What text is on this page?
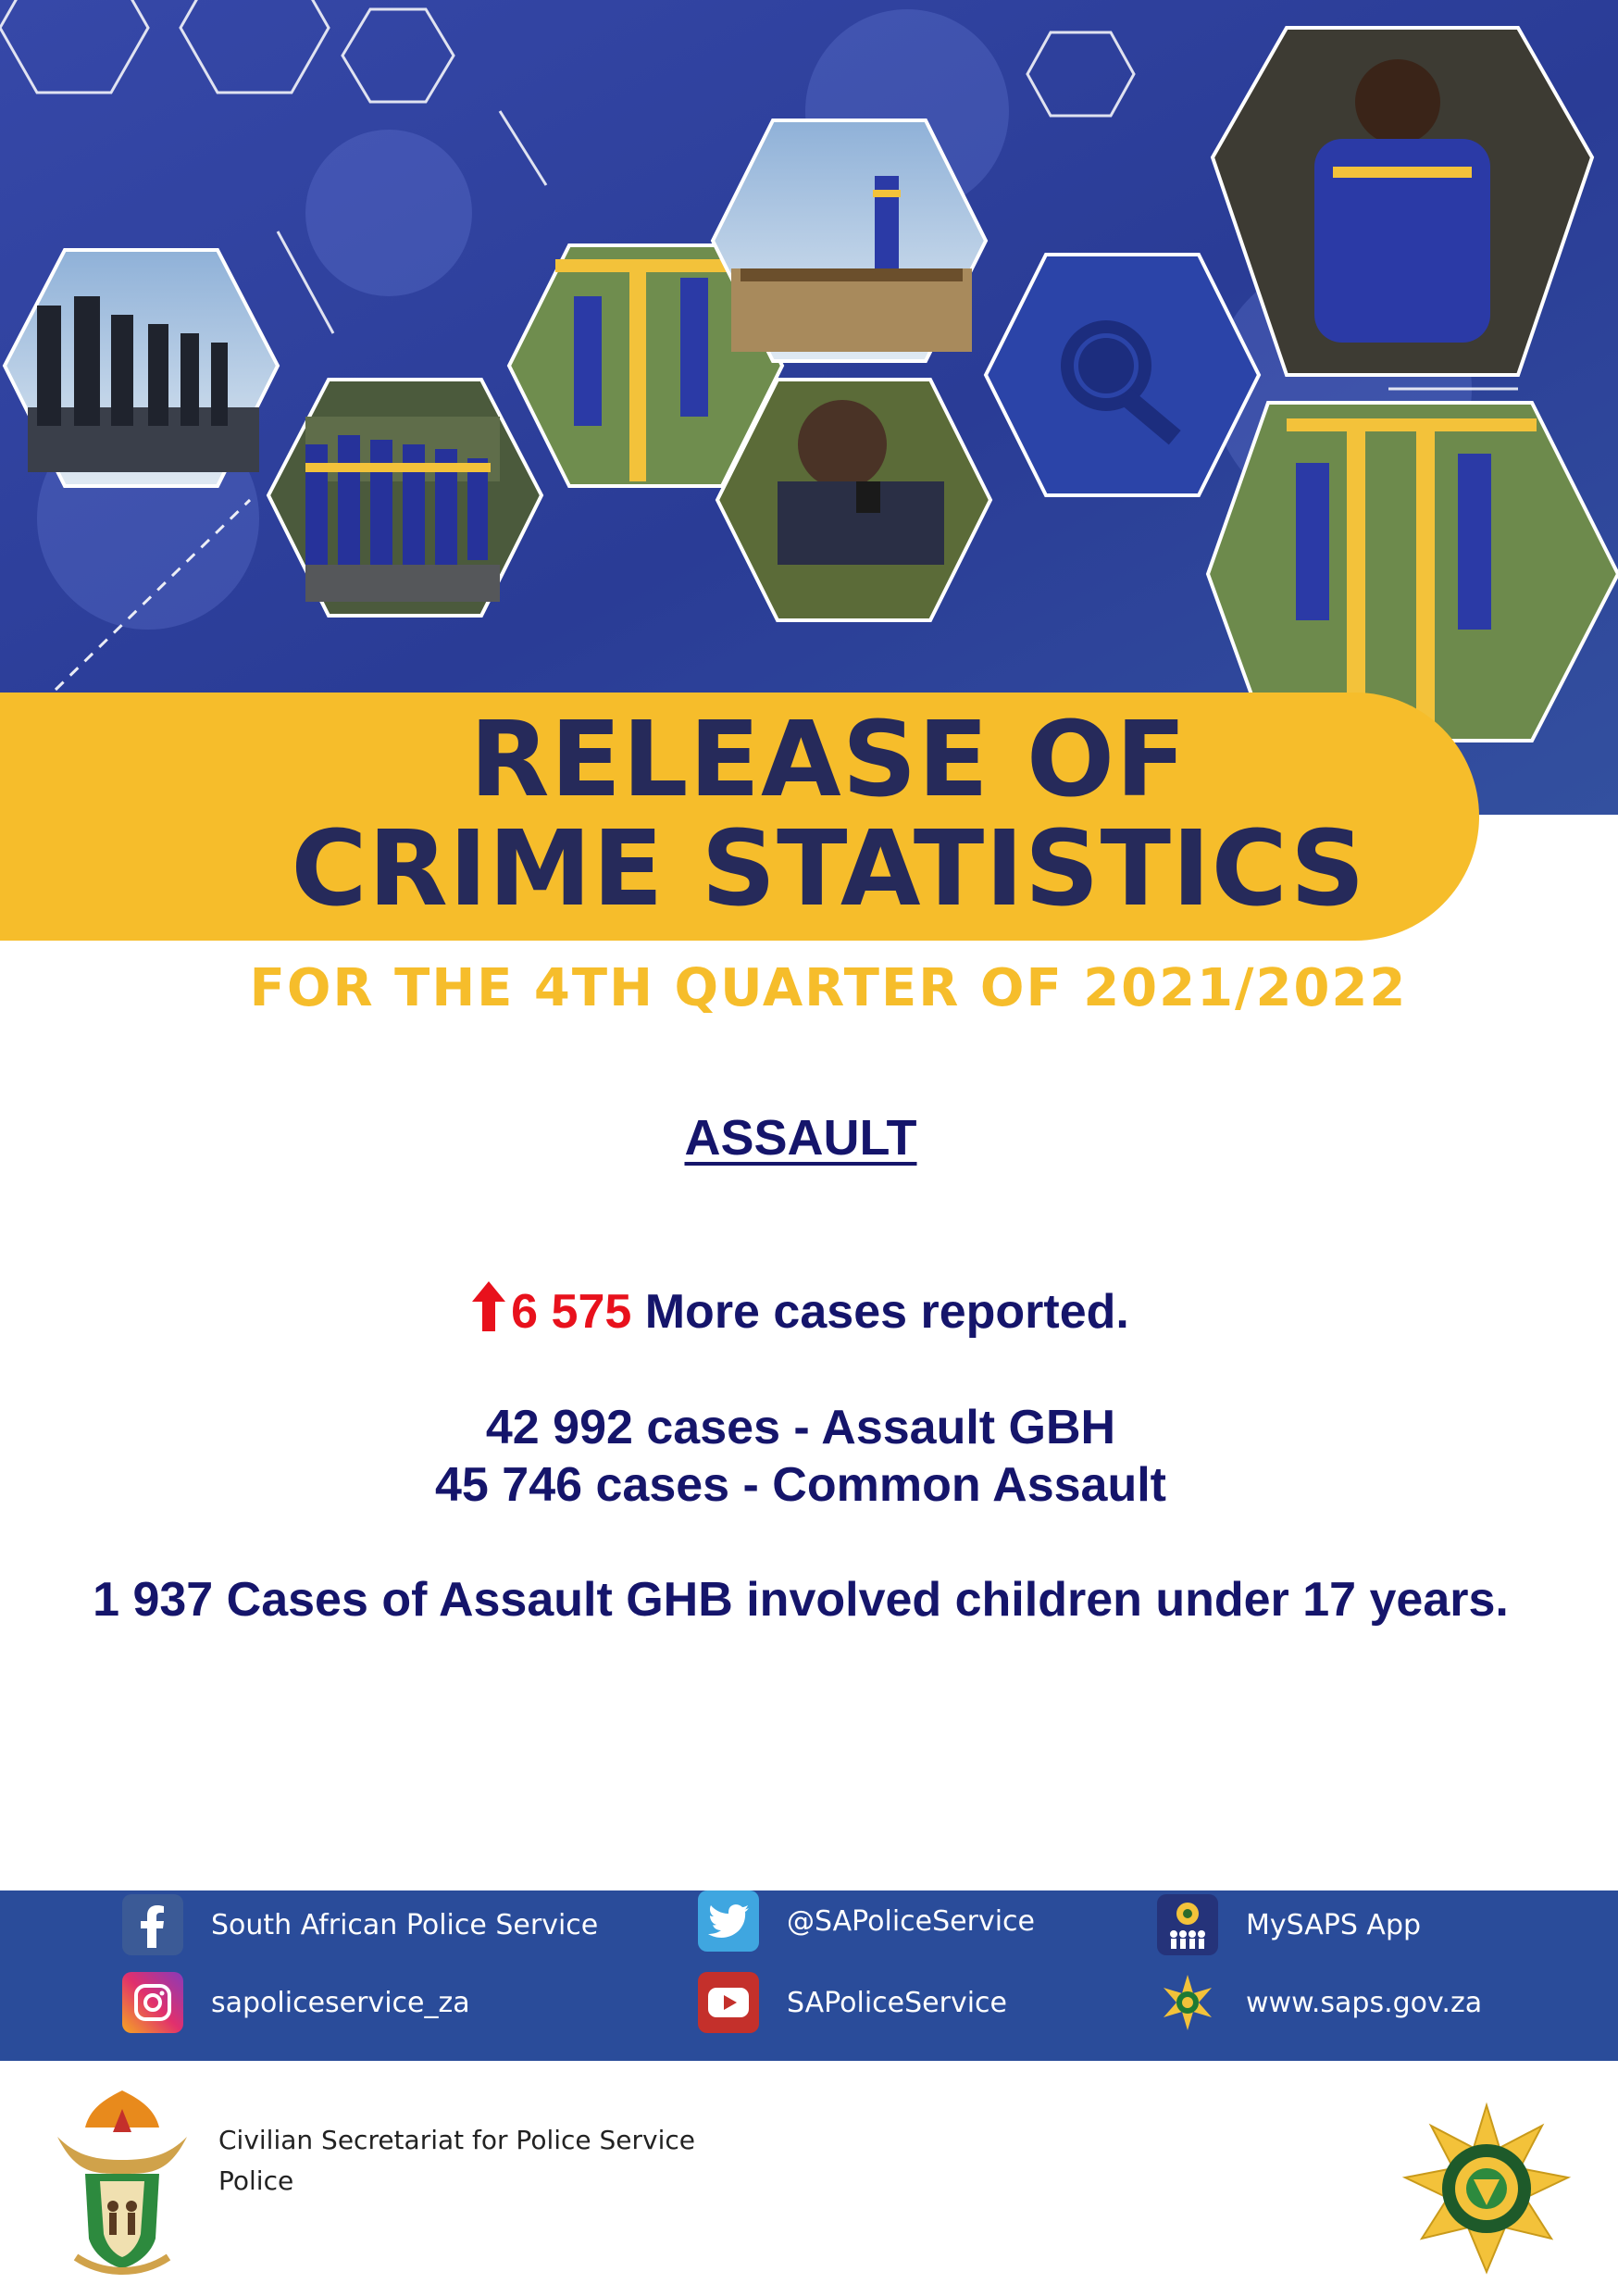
RELEASE OF
CRIME STATISTICS
FOR THE 4TH QUARTER OF 2021/2022
ASSAULT
6 575 More cases reported.
42 992 cases - Assault GBH
45 746 cases - Common Assault
1 937 Cases of Assault GHB involved children under 17 years.
South African Police Service	@SAPoliceService	MySAPS App
sapoliceservice_za	SAPoliceService	www.saps.gov.za
Civilian Secretariat for Police Service
Police
